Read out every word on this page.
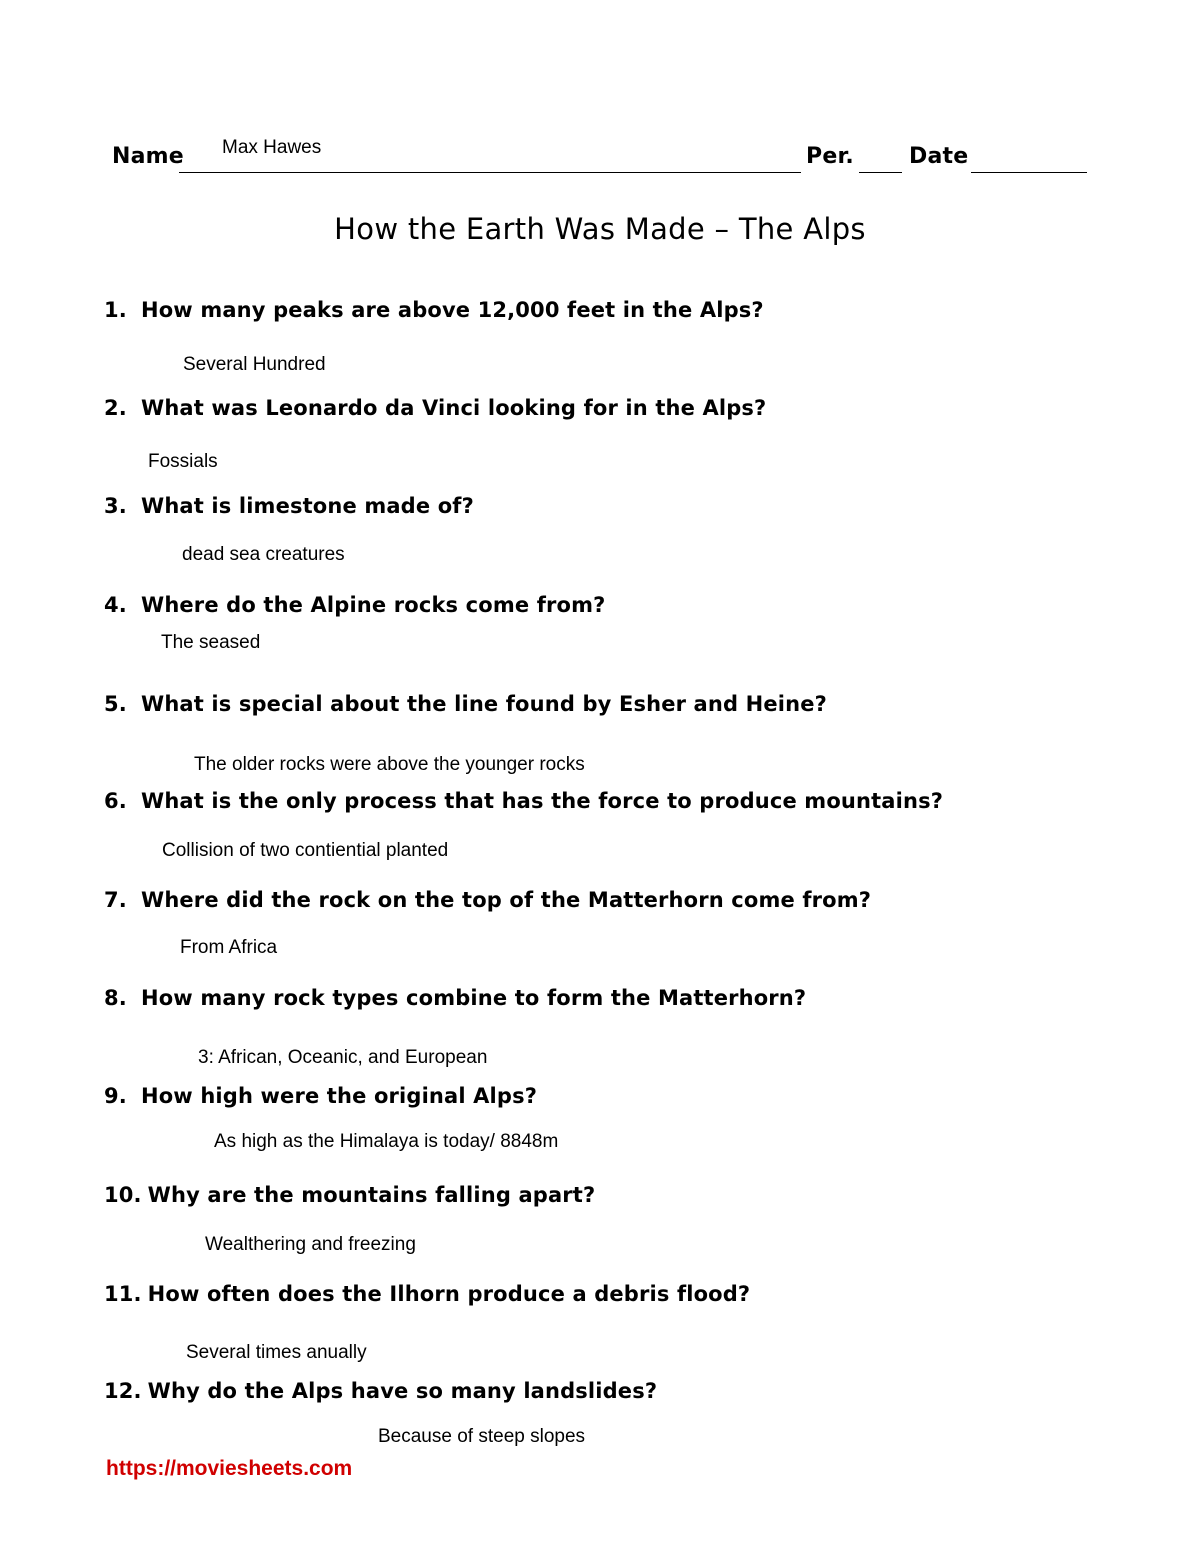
Name Max Hawes	Per.	Date
How the Earth Was Made – The Alps
1. How many peaks are above 12,000 feet in the Alps?
Several Hundred
2. What was Leonardo da Vinci looking for in the Alps?
Fossials
3. What is limestone made of?
dead sea creatures
4. Where do the Alpine rocks come from?
The seased
5. What is special about the line found by Esher and Heine?
The older rocks were above the younger rocks
6. What is the only process that has the force to produce mountains?
Collision of two contiential planted
7. Where did the rock on the top of the Matterhorn come from?
From Africa
8. How many rock types combine to form the Matterhorn?
3: African, Oceanic, and European
9. How high were the original Alps?
As high as the Himalaya is today/ 8848m
10. Why are the mountains falling apart?
Wealthering and freezing
11. How often does the Ilhorn produce a debris flood?
Several times anually
12. Why do the Alps have so many landslides?
Because of steep slopes
https://moviesheets.com
